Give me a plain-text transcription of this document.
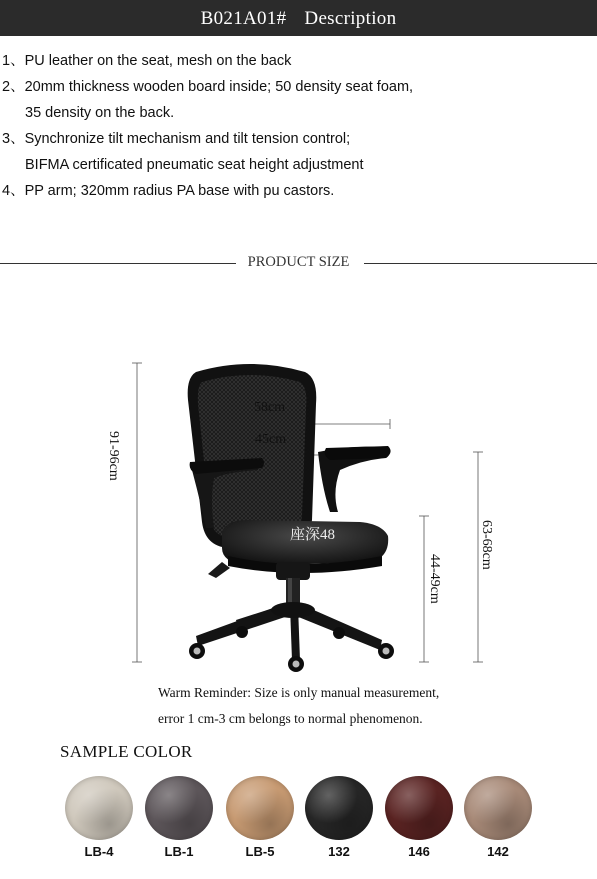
B021A01# Description
1、PU leather on the seat, mesh on the back
2、20mm thickness wooden board inside; 50 density seat foam,
35 density on the back.
3、Synchronize tilt mechanism and tilt tension control;
BIFMA certificated pneumatic seat height adjustment
4、PP arm; 320mm radius PA base with pu castors.
PRODUCT SIZE
58cm
45cm
座深48
91-96cm
44-49cm
63-68cm
Warm Reminder: Size is only manual measurement,
error 1 cm-3 cm belongs to normal phenomenon.
SAMPLE COLOR
LB-4	LB-1	LB-5	132	146	142
